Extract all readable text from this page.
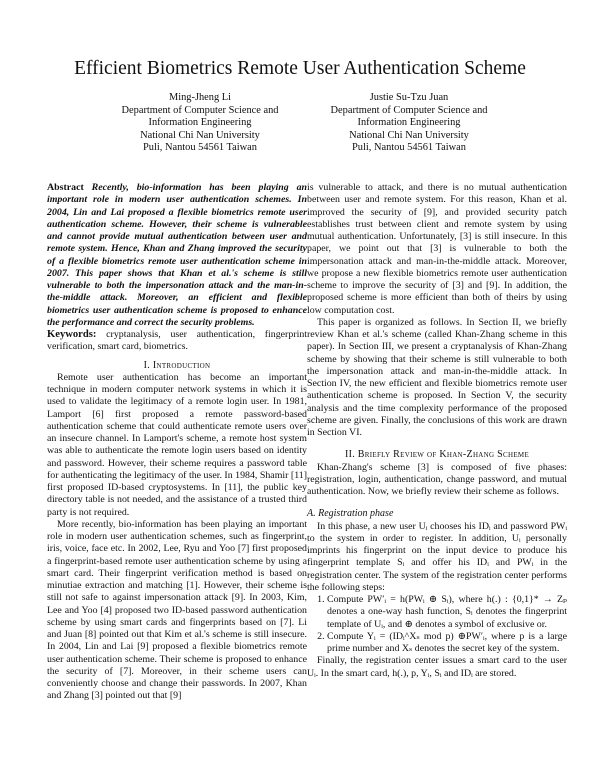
Efficient Biometrics Remote User Authentication Scheme
Ming-Jheng Li
Department of Computer Science and
Information Engineering
National Chi Nan University
Puli, Nantou 54561 Taiwan
Justie Su-Tzu Juan
Department of Computer Science and
Information Engineering
National Chi Nan University
Puli, Nantou 54561 Taiwan

Abstract Recently, bio-information has been playing an important role in modern user authentication schemes. In 2004, Lin and Lai proposed a flexible biometrics remote user authentication scheme. However, their scheme is vulnerable and cannot provide mutual authentication between user and remote system. Hence, Khan and Zhang improved the security of a flexible biometrics remote user authentication scheme in 2007. This paper shows that Khan et al.'s scheme is still vulnerable to both the impersonation attack and the man-in-the-middle attack. Moreover, an efficient and flexible biometrics user authentication scheme is proposed to enhance the performance and correct the security problems.

Keywords: cryptanalysis, user authentication, fingerprint verification, smart card, biometrics.

I. Introduction

Remote user authentication has become an important technique in modern computer network systems in which it is used to validate the legitimacy of a remote login user. In 1981, Lamport [6] first proposed a remote password-based authentication scheme that could authenticate remote users over an insecure channel. In Lamport's scheme, a remote host system was able to authenticate the remote login users based on identity and password. However, their scheme requires a password table for authenticating the legitimacy of the user. In 1984, Shamir [11] first proposed ID-based cryptosystems. In [11], the public key directory table is not needed, and the assistance of a trusted third party is not required.

More recently, bio-information has been playing an important role in modern user authentication schemes, such as fingerprint, iris, voice, face etc. In 2002, Lee, Ryu and Yoo [7] first proposed a fingerprint-based remote user authentication scheme by using a smart card. Their fingerprint verification method is based on minutiae extraction and matching [1]. However, their scheme is still not safe to against impersonation attack [9]. In 2003, Kim, Lee and Yoo [4] proposed two ID-based password authentication scheme by using smart cards and fingerprints based on [7]. Li and Juan [8] pointed out that Kim et al.'s scheme is still insecure. In 2004, Lin and Lai [9] proposed a flexible biometrics remote user authentication scheme. Their scheme is proposed to enhance the security of [7]. Moreover, in their scheme users can conveniently choose and change their passwords. In 2007, Khan and Zhang [3] pointed out that [9]

is vulnerable to attack, and there is no mutual authentication between user and remote system. For this reason, Khan et al. improved the security of [9], and provided security patch establishes trust between client and remote system by using mutual authentication. Unfortunately, [3] is still insecure. In this paper, we point out that [3] is vulnerable to both the impersonation attack and man-in-the-middle attack. Moreover, we propose a new flexible biometrics remote user authentication scheme to improve the security of [3] and [9]. In addition, the proposed scheme is more efficient than both of theirs by using low computation cost.

This paper is organized as follows. In Section II, we briefly review Khan et al.'s scheme (called Khan-Zhang scheme in this paper). In Section III, we present a cryptanalysis of Khan-Zhang scheme by showing that their scheme is still vulnerable to both the impersonation attack and man-in-the-middle attack. In Section IV, the new efficient and flexible biometrics remote user authentication scheme is proposed. In Section V, the security analysis and the time complexity performance of the proposed scheme are given. Finally, the conclusions of this work are drawn in Section VI.

II. Briefly Review of Khan-Zhang Scheme

Khan-Zhang's scheme [3] is composed of five phases: registration, login, authentication, change password, and mutual authentication. Now, we briefly review their scheme as follows.

A. Registration phase

In this phase, a new user Uᵢ chooses his IDᵢ and password PWᵢ to the system in order to register. In addition, Uᵢ personally imprints his fingerprint on the input device to produce his fingerprint template Sᵢ and offer his IDᵢ and PWᵢ in the registration center. The system of the registration center performs the following steps:

1. Compute PW′ᵢ = h(PWᵢ ⊕ Sᵢ), where h(.) : {0,1}* → Zₚ denotes a one-way hash function, Sᵢ denotes the fingerprint template of Uᵢ, and ⊕ denotes a symbol of exclusive or.
2. Compute Yᵢ = (IDᵢ^Xₛ mod p) ⊕PW′ᵢ, where p is a large prime number and Xₛ denotes the secret key of the system.

Finally, the registration center issues a smart card to the user Uᵢ. In the smart card, h(.), p, Yᵢ, Sᵢ and IDᵢ are stored.
